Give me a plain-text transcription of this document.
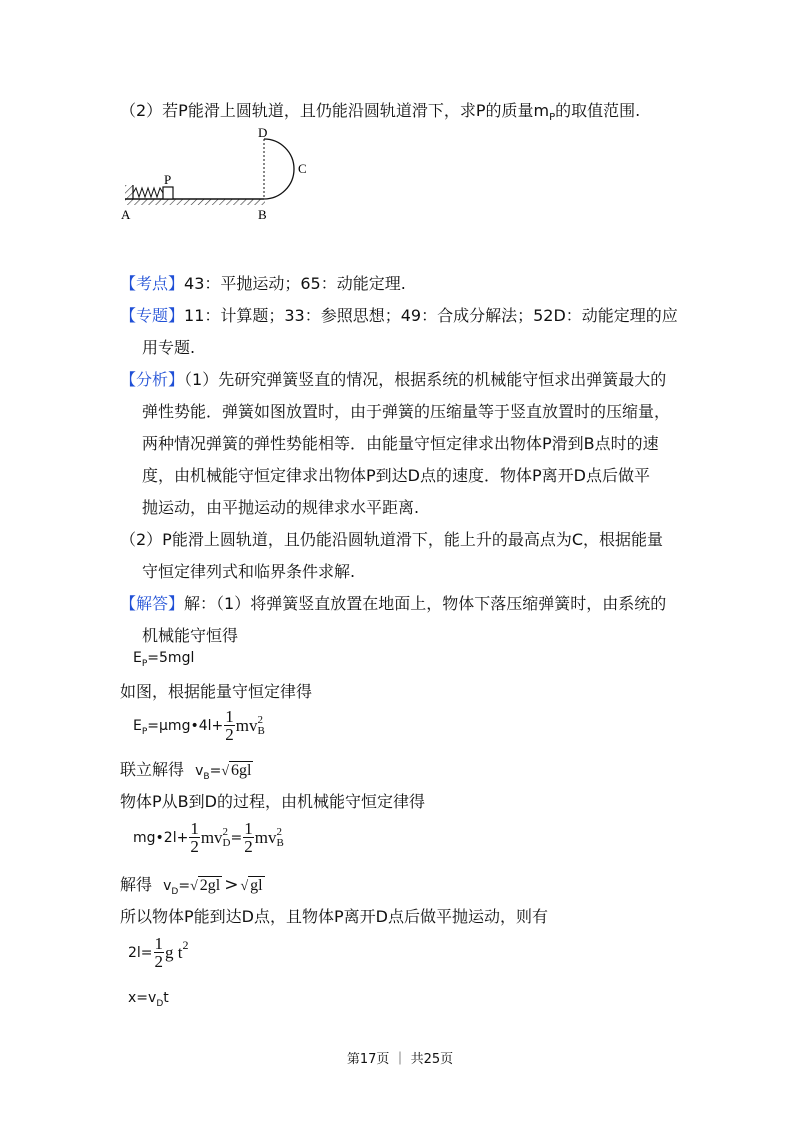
（2）若P能滑上圆轨道，且仍能沿圆轨道滑下，求P的质量$m_P$的取值范围.
P
A	B
C
D
【考点】43：平抛运动；65：动能定理.
【专题】11：计算题；33：参照思想；49：合成分解法；52D：动能定理的应
用专题.
【分析】（1）先研究弹簧竖直的情况，根据系统的机械能守恒求出弹簧最大的
弹性势能．弹簧如图放置时，由于弹簧的压缩量等于竖直放置时的压缩量，
两种情况弹簧的弹性势能相等．由能量守恒定律求出物体P滑到B点时的速
度，由机械能守恒定律求出物体P到达D点的速度．物体P离开D点后做平
抛运动，由平抛运动的规律求水平距离.
（2）P能滑上圆轨道，且仍能沿圆轨道滑下，能上升的最高点为C，根据能量
守恒定律列式和临界条件求解.
【解答】解：（1）将弹簧竖直放置在地面上，物体下落压缩弹簧时，由系统的
机械能守恒得
$E_P=5mgl$
如图，根据能量守恒定律得
$E_P=\mu mg•4l+ \frac{1}{2}$ mv 2
B
联立解得 $v_B=√$ 6gl
物体P从B到D的过程，由机械能守恒定律得
mg•2l+ $\frac{1}{2}$ mv 2
$D = \frac{1}{2}$ mv 2
B
解得 $v_D=√$ 2gl > √ gl
所以物体P能到达D点，且物体P离开D点后做平抛运动，则有
$2l= \frac{1}{2}$ g t2
$x=v_Dt$
第17页 ｜ 共25页
